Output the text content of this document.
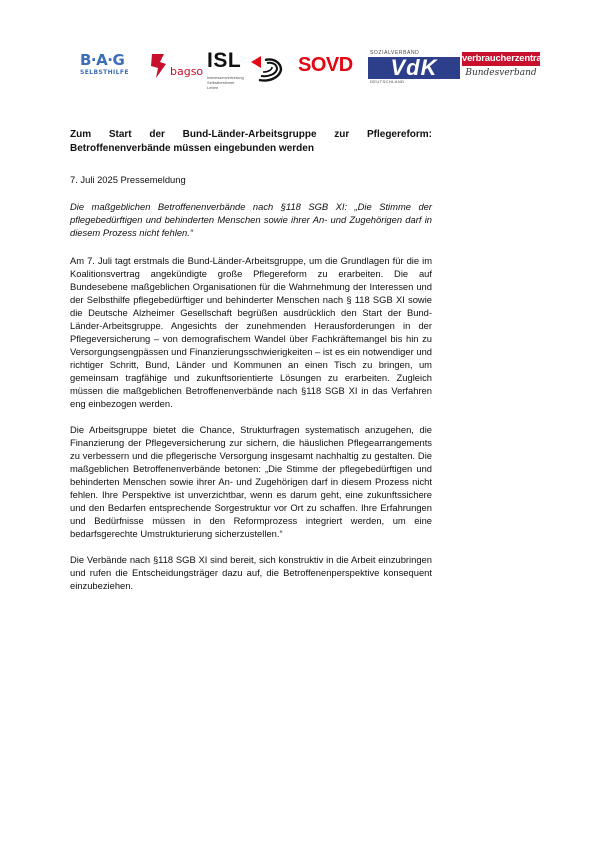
B·A·G
SELBSTHILFE	bagso ISL
Interessenvertretung Selbstbestimmt Leben
SOVD
SOZIALVERBAND
VdK
DEUTSCHLAND
verbraucherzentrale
Bundesverband

Zum Start der Bund-Länder-Arbeitsgruppe zur Pflegereform: Betroffenenverbände müssen eingebunden werden

7. Juli 2025 Pressemeldung

Die maßgeblichen Betroffenenverbände nach §118 SGB XI: „Die Stimme der pflegebedürftigen und behinderten Menschen sowie ihrer An- und Zugehörigen darf in diesem Prozess nicht fehlen.“

Am 7. Juli tagt erstmals die Bund-Länder-Arbeitsgruppe, um die Grundlagen für die im Koalitionsvertrag angekündigte große Pflegereform zu erarbeiten. Die auf Bundesebene maßgeblichen Organisationen für die Wahrnehmung der Interessen und der Selbsthilfe pflegebedürftiger und behinderter Menschen nach § 118 SGB XI sowie die Deutsche Alzheimer Gesellschaft begrüßen ausdrücklich den Start der Bund-Länder-Arbeitsgruppe. Angesichts der zunehmenden Herausforderungen in der Pflegeversicherung – von demografischem Wandel über Fachkräftemangel bis hin zu Versorgungsengpässen und Finanzierungsschwierigkeiten – ist es ein notwendiger und richtiger Schritt, Bund, Länder und Kommunen an einen Tisch zu bringen, um gemeinsam tragfähige und zukunftsorientierte Lösungen zu erarbeiten. Zugleich müssen die maßgeblichen Betroffenenverbände nach §118 SGB XI in das Verfahren eng einbezogen werden.

Die Arbeitsgruppe bietet die Chance, Strukturfragen systematisch anzugehen, die Finanzierung der Pflegeversicherung zur sichern, die häuslichen Pflegearrangements zu verbessern und die pflegerische Versorgung insgesamt nachhaltig zu gestalten. Die maßgeblichen Betroffenenverbände betonen: „Die Stimme der pflegebedürftigen und behinderten Menschen sowie ihrer An- und Zugehörigen darf in diesem Prozess nicht fehlen. Ihre Perspektive ist unverzichtbar, wenn es darum geht, eine zukunftssichere und den Bedarfen entsprechende Sorgestruktur vor Ort zu schaffen. Ihre Erfahrungen und Bedürfnisse müssen in den Reformprozess integriert werden, um eine bedarfsgerechte Umstrukturierung sicherzustellen.“

Die Verbände nach §118 SGB XI sind bereit, sich konstruktiv in die Arbeit einzubringen und rufen die Entscheidungsträger dazu auf, die Betroffenenperspektive konsequent einzubeziehen.
